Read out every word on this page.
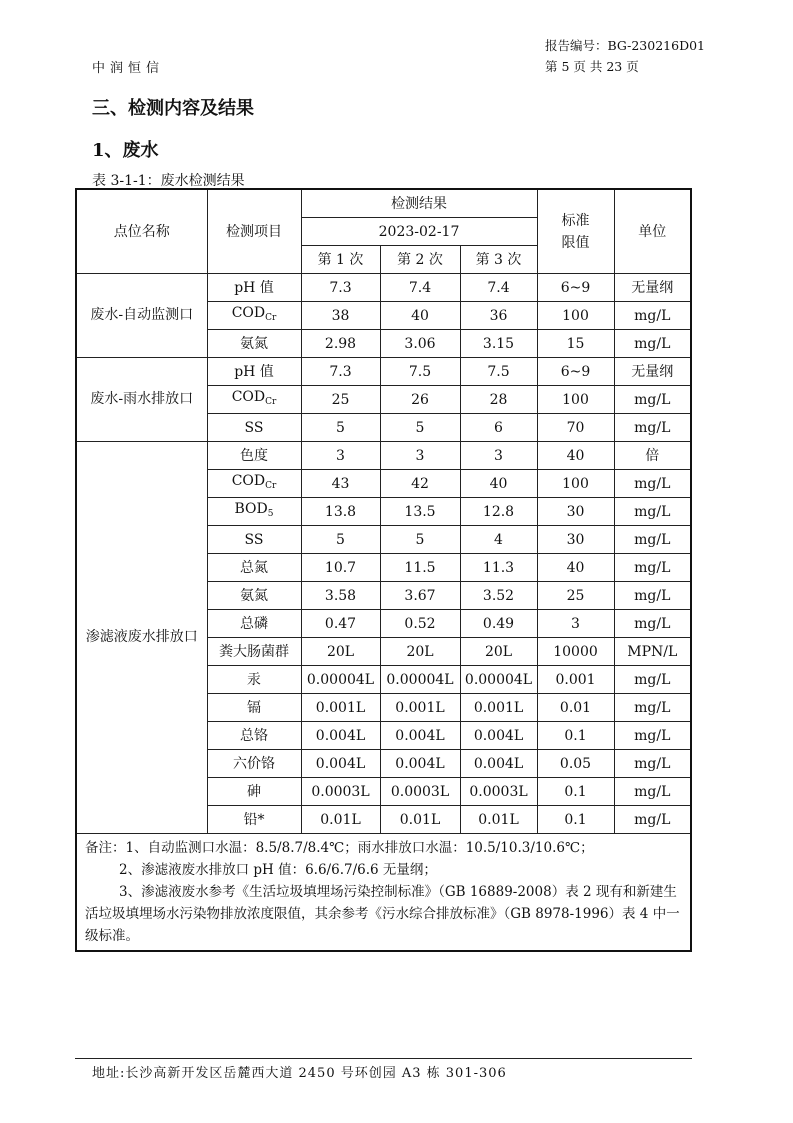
报告编号：BG-230216D01
中润恒信	第 5 页 共 23 页
三、检测内容及结果
1、废水
表 3-1-1：废水检测结果
点位名称	检测项目	检测结果			标准限值	单位
		2023-02-17				
		第 1 次	第 2 次	第 3 次		
废水-自动监测口	pH 值	7.3	7.4	7.4	6~9	无量纲
	$COD_{Cr}$	38	40	36	100	mg/L
	氨氮	2.98	3.06	3.15	15	mg/L
废水-雨水排放口	pH 值	7.3	7.5	7.5	6~9	无量纲
	$COD_{Cr}$	25	26	28	100	mg/L
	SS	5	5	6	70	mg/L
渗滤液废水排放口	色度	3	3	3	40	倍
	$COD_{Cr}$	43	42	40	100	mg/L
	$BOD_5$	13.8	13.5	12.8	30	mg/L
	SS	5	5	4	30	mg/L
	总氮	10.7	11.5	11.3	40	mg/L
	氨氮	3.58	3.67	3.52	25	mg/L
	总磷	0.47	0.52	0.49	3	mg/L
	粪大肠菌群	20L	20L	20L	10000	MPN/L
	汞	0.00004L	0.00004L	0.00004L	0.001	mg/L
	镉	0.001L	0.001L	0.001L	0.01	mg/L
	总铬	0.004L	0.004L	0.004L	0.1	mg/L
	六价铬	0.004L	0.004L	0.004L	0.05	mg/L
	砷	0.0003L	0.0003L	0.0003L	0.1	mg/L
	铅*	0.01L	0.01L	0.01L	0.1	mg/L

备注：1、自动监测口水温：8.5/8.7/8.4℃；雨水排放口水温：10.5/10.3/10.6℃；
2、渗滤液废水排放口 pH 值：6.6/6.7/6.6 无量纲；
3、渗滤液废水参考《生活垃圾填埋场污染控制标准》（GB 16889-2008）表 2 现有和新建生活垃圾填埋场水污染物排放浓度限值，其余参考《污水综合排放标准》（GB 8978-1996）表 4 中一级标准。						
地址:长沙高新开发区岳麓西大道 2450 号环创园 A3 栋 301-306
